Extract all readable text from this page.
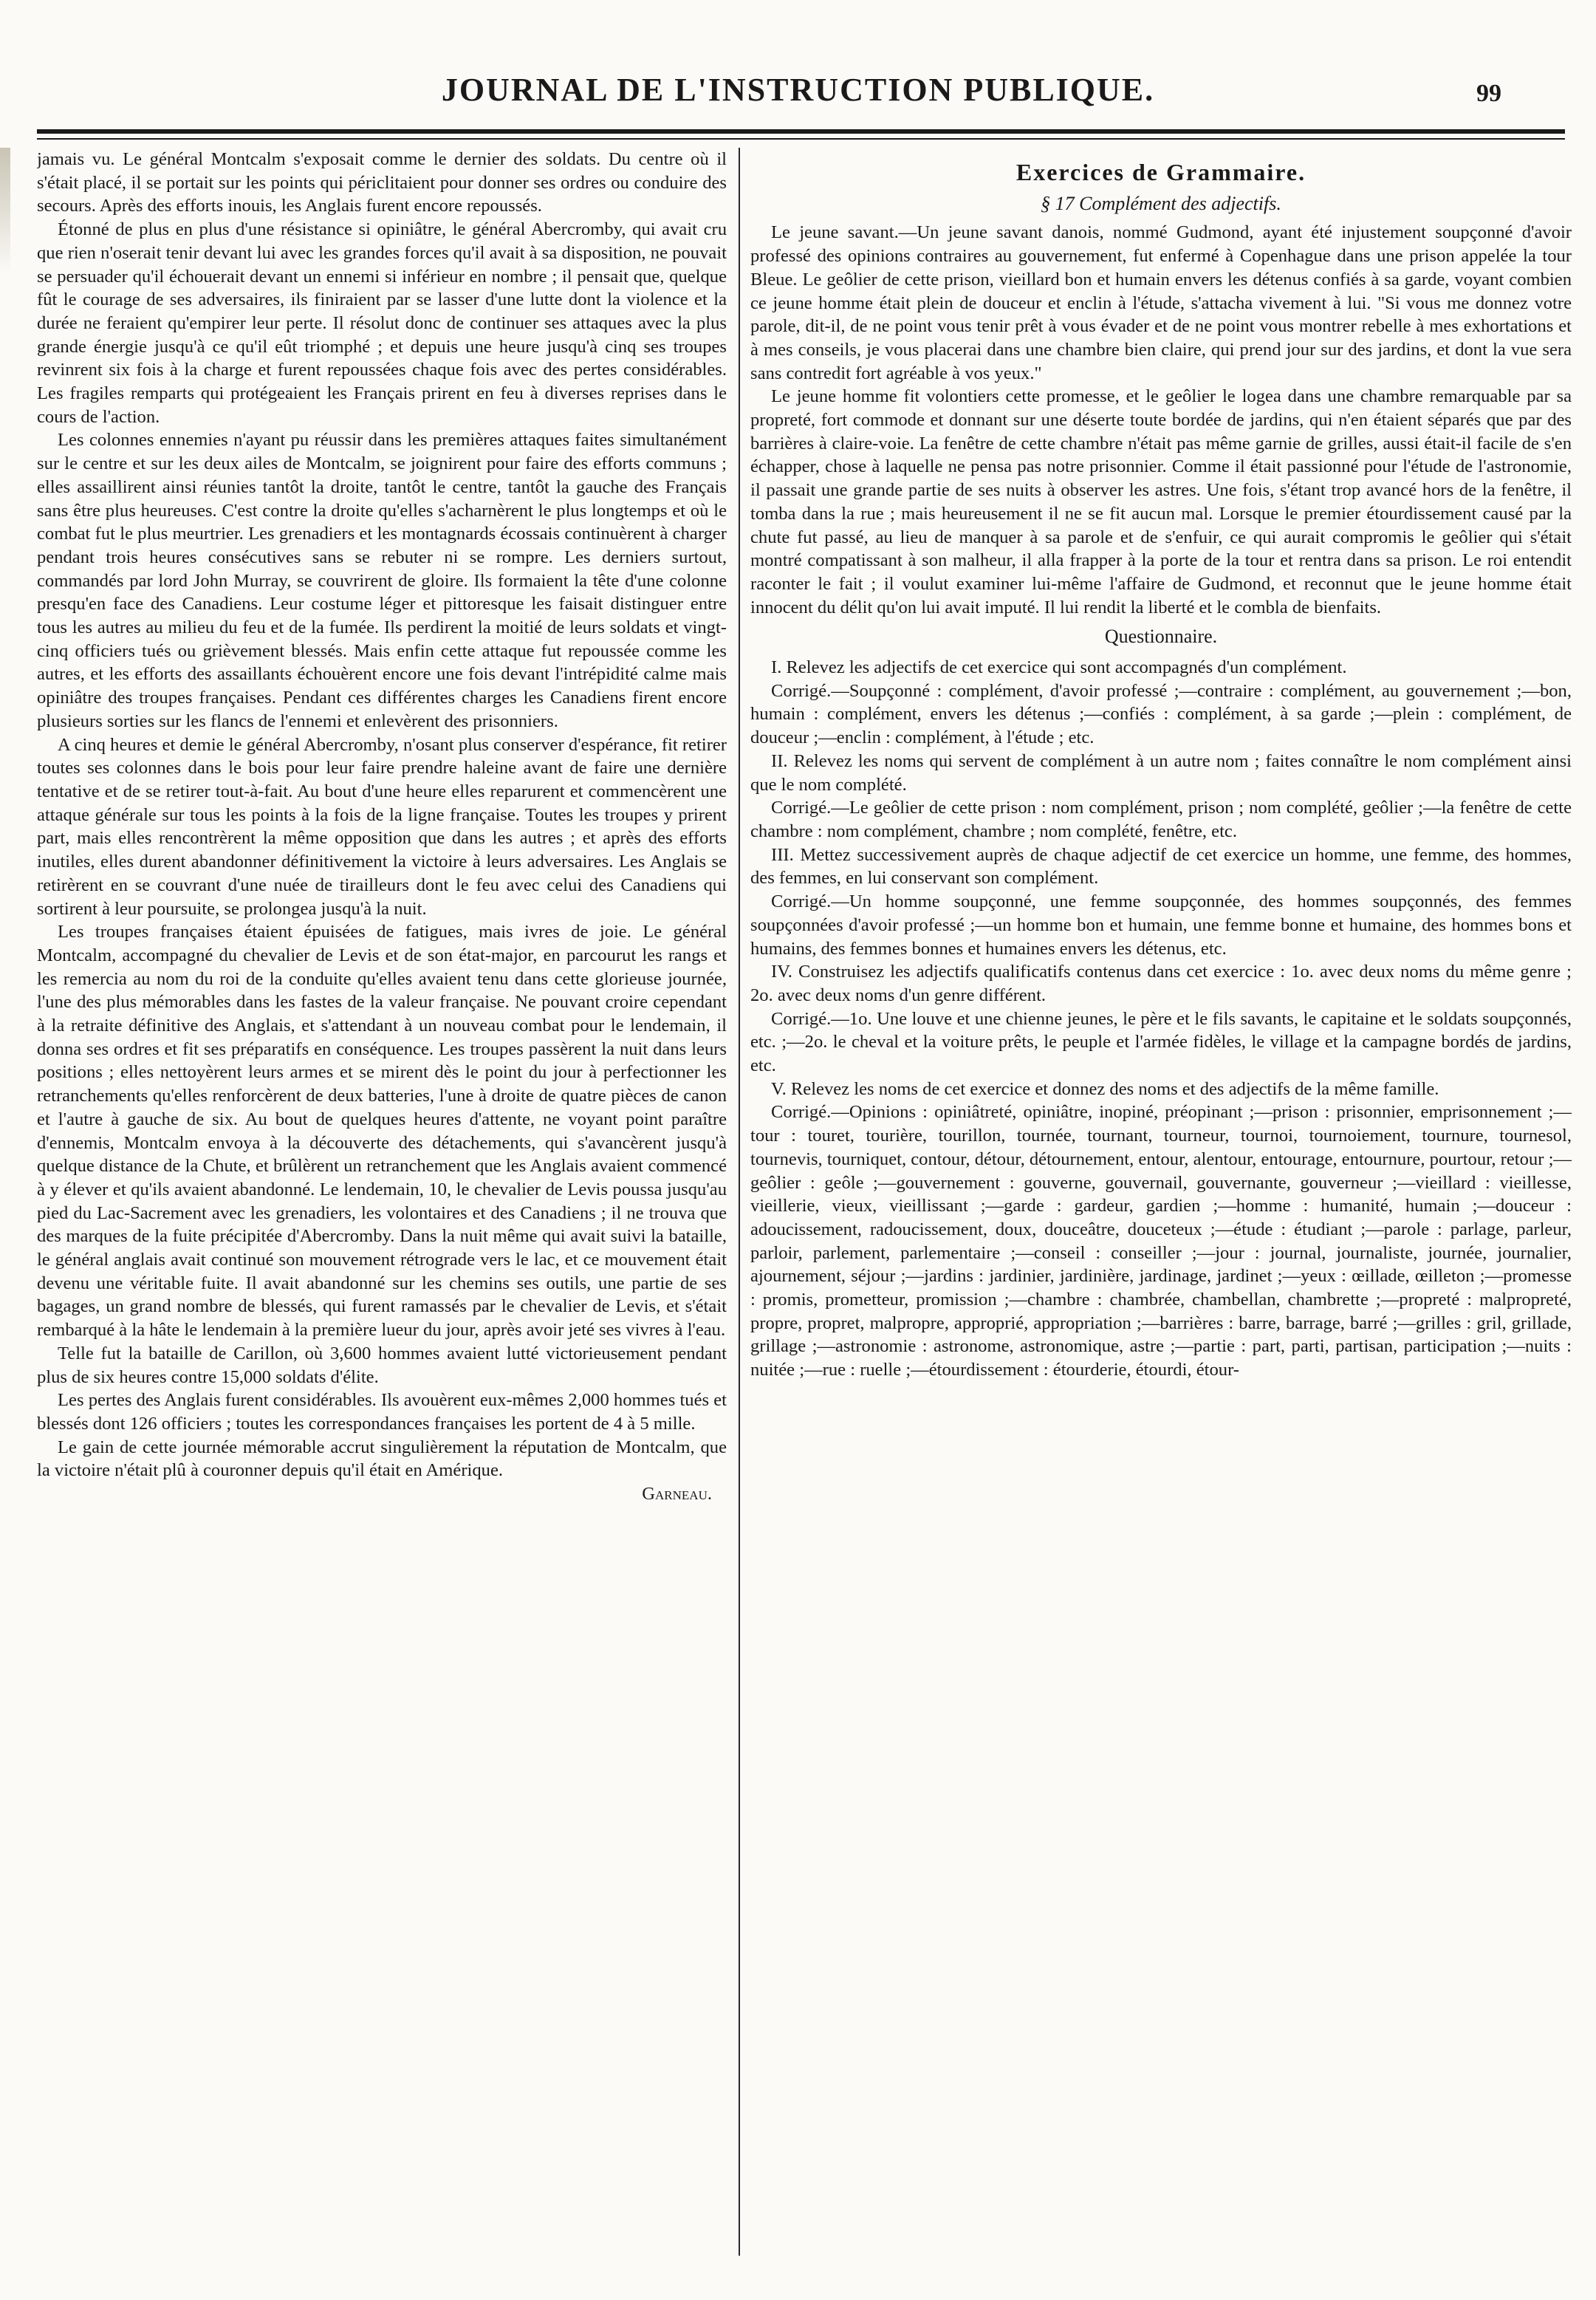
JOURNAL DE L'INSTRUCTION PUBLIQUE.	99

jamais vu. Le général Montcalm s'exposait comme le dernier des soldats. Du centre où il s'était placé, il se portait sur les points qui périclitaient pour donner ses ordres ou conduire des secours. Après des efforts inouis, les Anglais furent encore repoussés.

Étonné de plus en plus d'une résistance si opiniâtre, le général Abercromby, qui avait cru que rien n'oserait tenir devant lui avec les grandes forces qu'il avait à sa disposition, ne pouvait se persuader qu'il échouerait devant un ennemi si inférieur en nombre ; il pensait que, quelque fût le courage de ses adversaires, ils finiraient par se lasser d'une lutte dont la violence et la durée ne feraient qu'empirer leur perte. Il résolut donc de continuer ses attaques avec la plus grande énergie jusqu'à ce qu'il eût triomphé ; et depuis une heure jusqu'à cinq ses troupes revinrent six fois à la charge et furent repoussées chaque fois avec des pertes considérables. Les fragiles remparts qui protégeaient les Français prirent en feu à diverses reprises dans le cours de l'action.

Les colonnes ennemies n'ayant pu réussir dans les premières attaques faites simultanément sur le centre et sur les deux ailes de Montcalm, se joignirent pour faire des efforts communs ; elles assaillirent ainsi réunies tantôt la droite, tantôt le centre, tantôt la gauche des Français sans être plus heureuses. C'est contre la droite qu'elles s'acharnèrent le plus longtemps et où le combat fut le plus meurtrier. Les grenadiers et les montagnards écossais continuèrent à charger pendant trois heures consécutives sans se rebuter ni se rompre. Les derniers surtout, commandés par lord John Murray, se couvrirent de gloire. Ils formaient la tête d'une colonne presqu'en face des Canadiens. Leur costume léger et pittoresque les faisait distinguer entre tous les autres au milieu du feu et de la fumée. Ils perdirent la moitié de leurs soldats et vingt-cinq officiers tués ou grièvement blessés. Mais enfin cette attaque fut repoussée comme les autres, et les efforts des assaillants échouèrent encore une fois devant l'intrépidité calme mais opiniâtre des troupes françaises. Pendant ces différentes charges les Canadiens firent encore plusieurs sorties sur les flancs de l'ennemi et enlevèrent des prisonniers.

A cinq heures et demie le général Abercromby, n'osant plus conserver d'espérance, fit retirer toutes ses colonnes dans le bois pour leur faire prendre haleine avant de faire une dernière tentative et de se retirer tout-à-fait. Au bout d'une heure elles reparurent et commencèrent une attaque générale sur tous les points à la fois de la ligne française. Toutes les troupes y prirent part, mais elles rencontrèrent la même opposition que dans les autres ; et après des efforts inutiles, elles durent abandonner définitivement la victoire à leurs adversaires. Les Anglais se retirèrent en se couvrant d'une nuée de tirailleurs dont le feu avec celui des Canadiens qui sortirent à leur poursuite, se prolongea jusqu'à la nuit.

Les troupes françaises étaient épuisées de fatigues, mais ivres de joie. Le général Montcalm, accompagné du chevalier de Levis et de son état-major, en parcourut les rangs et les remercia au nom du roi de la conduite qu'elles avaient tenu dans cette glorieuse journée, l'une des plus mémorables dans les fastes de la valeur française. Ne pouvant croire cependant à la retraite définitive des Anglais, et s'attendant à un nouveau combat pour le lendemain, il donna ses ordres et fit ses préparatifs en conséquence. Les troupes passèrent la nuit dans leurs positions ; elles nettoyèrent leurs armes et se mirent dès le point du jour à perfectionner les retranchements qu'elles renforcèrent de deux batteries, l'une à droite de quatre pièces de canon et l'autre à gauche de six. Au bout de quelques heures d'attente, ne voyant point paraître d'ennemis, Montcalm envoya à la découverte des détachements, qui s'avancèrent jusqu'à quelque distance de la Chute, et brûlèrent un retranchement que les Anglais avaient commencé à y élever et qu'ils avaient abandonné. Le lendemain, 10, le chevalier de Levis poussa jusqu'au pied du Lac-Sacrement avec les grenadiers, les volontaires et des Canadiens ; il ne trouva que des marques de la fuite précipitée d'Abercromby. Dans la nuit même qui avait suivi la bataille, le général anglais avait continué son mouvement rétrograde vers le lac, et ce mouvement était devenu une véritable fuite. Il avait abandonné sur les chemins ses outils, une partie de ses bagages, un grand nombre de blessés, qui furent ramassés par le chevalier de Levis, et s'était rembarqué à la hâte le lendemain à la première lueur du jour, après avoir jeté ses vivres à l'eau.

Telle fut la bataille de Carillon, où 3,600 hommes avaient lutté victorieusement pendant plus de six heures contre 15,000 soldats d'élite.

Les pertes des Anglais furent considérables. Ils avouèrent eux-mêmes 2,000 hommes tués et blessés dont 126 officiers ; toutes les correspondances françaises les portent de 4 à 5 mille.

Le gain de cette journée mémorable accrut singulièrement la réputation de Montcalm, que la victoire n'était plû à couronner depuis qu'il était en Amérique.

Garneau.
Exercices de Grammaire.
§ 17 Complément des adjectifs.

Le jeune savant.—Un jeune savant danois, nommé Gudmond, ayant été injustement soupçonné d'avoir professé des opinions contraires au gouvernement, fut enfermé à Copenhague dans une prison appelée la tour Bleue. Le geôlier de cette prison, vieillard bon et humain envers les détenus confiés à sa garde, voyant combien ce jeune homme était plein de douceur et enclin à l'étude, s'attacha vivement à lui. "Si vous me donnez votre parole, dit-il, de ne point vous tenir prêt à vous évader et de ne point vous montrer rebelle à mes exhortations et à mes conseils, je vous placerai dans une chambre bien claire, qui prend jour sur des jardins, et dont la vue sera sans contredit fort agréable à vos yeux."

Le jeune homme fit volontiers cette promesse, et le geôlier le logea dans une chambre remarquable par sa propreté, fort commode et donnant sur une déserte toute bordée de jardins, qui n'en étaient séparés que par des barrières à claire-voie. La fenêtre de cette chambre n'était pas même garnie de grilles, aussi était-il facile de s'en échapper, chose à laquelle ne pensa pas notre prisonnier. Comme il était passionné pour l'étude de l'astronomie, il passait une grande partie de ses nuits à observer les astres. Une fois, s'étant trop avancé hors de la fenêtre, il tomba dans la rue ; mais heureusement il ne se fit aucun mal. Lorsque le premier étourdissement causé par la chute fut passé, au lieu de manquer à sa parole et de s'enfuir, ce qui aurait compromis le geôlier qui s'était montré compatissant à son malheur, il alla frapper à la porte de la tour et rentra dans sa prison. Le roi entendit raconter le fait ; il voulut examiner lui-même l'affaire de Gudmond, et reconnut que le jeune homme était innocent du délit qu'on lui avait imputé. Il lui rendit la liberté et le combla de bienfaits.

Questionnaire.

I. Relevez les adjectifs de cet exercice qui sont accompagnés d'un complément.

Corrigé.—Soupçonné : complément, d'avoir professé ;—contraire : complément, au gouvernement ;—bon, humain : complément, envers les détenus ;—confiés : complément, à sa garde ;—plein : complément, de douceur ;—enclin : complément, à l'étude ; etc.

II. Relevez les noms qui servent de complément à un autre nom ; faites connaître le nom complément ainsi que le nom complété.

Corrigé.—Le geôlier de cette prison : nom complément, prison ; nom complété, geôlier ;—la fenêtre de cette chambre : nom complément, chambre ; nom complété, fenêtre, etc.

III. Mettez successivement auprès de chaque adjectif de cet exercice un homme, une femme, des hommes, des femmes, en lui conservant son complément.

Corrigé.—Un homme soupçonné, une femme soupçonnée, des hommes soupçonnés, des femmes soupçonnées d'avoir professé ;—un homme bon et humain, une femme bonne et humaine, des hommes bons et humains, des femmes bonnes et humaines envers les détenus, etc.

IV. Construisez les adjectifs qualificatifs contenus dans cet exercice : 1o. avec deux noms du même genre ; 2o. avec deux noms d'un genre différent.

Corrigé.—1o. Une louve et une chienne jeunes, le père et le fils savants, le capitaine et le soldats soupçonnés, etc. ;—2o. le cheval et la voiture prêts, le peuple et l'armée fidèles, le village et la campagne bordés de jardins, etc.

V. Relevez les noms de cet exercice et donnez des noms et des adjectifs de la même famille.

Corrigé.—Opinions : opiniâtreté, opiniâtre, inopiné, préopinant ;—prison : prisonnier, emprisonnement ;—tour : touret, tourière, tourillon, tournée, tournant, tourneur, tournoi, tournoiement, tournure, tournesol, tournevis, tourniquet, contour, détour, détournement, entour, alentour, entourage, entournure, pourtour, retour ;—geôlier : geôle ;—gouvernement : gouverne, gouvernail, gouvernante, gouverneur ;—vieillard : vieillesse, vieillerie, vieux, vieillissant ;—garde : gardeur, gardien ;—homme : humanité, humain ;—douceur : adoucissement, radoucissement, doux, douceâtre, douceteux ;—étude : étudiant ;—parole : parlage, parleur, parloir, parlement, parlementaire ;—conseil : conseiller ;—jour : journal, journaliste, journée, journalier, ajournement, séjour ;—jardins : jardinier, jardinière, jardinage, jardinet ;—yeux : œillade, œilleton ;—promesse : promis, prometteur, promission ;—chambre : chambrée, chambellan, chambrette ;—propreté : malpropreté, propre, propret, malpropre, approprié, appropriation ;—barrières : barre, barrage, barré ;—grilles : gril, grillade, grillage ;—astronomie : astronome, astronomique, astre ;—partie : part, parti, partisan, participation ;—nuits : nuitée ;—rue : ruelle ;—étourdissement : étourderie, étourdi, étour-
